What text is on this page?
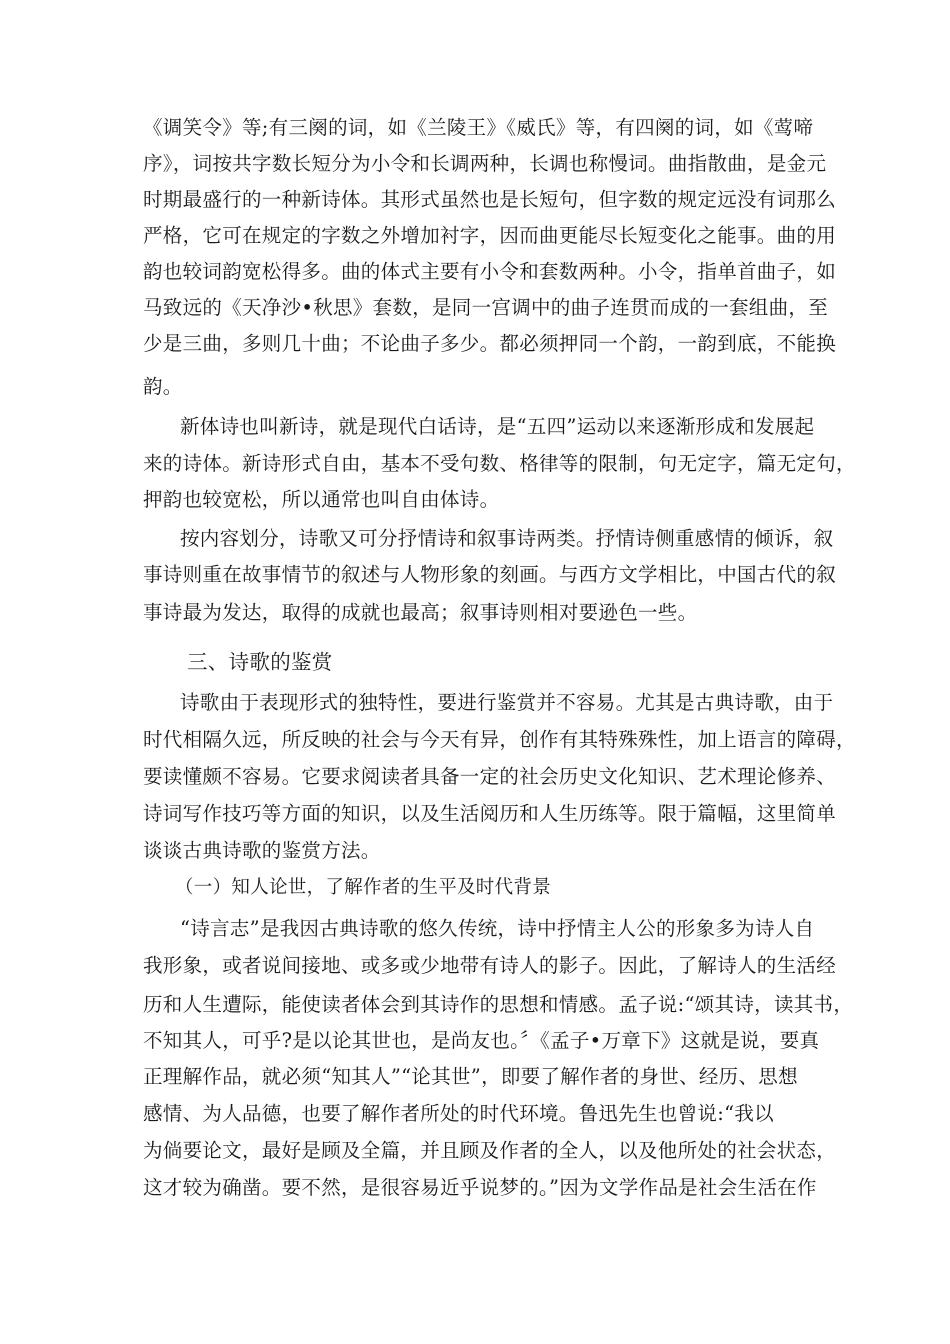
《调笑令》等;有三阕的词，如《兰陵王》《威氏》等，有四阕的词，如《莺啼
序》，词按共字数长短分为小令和长调两种，长调也称慢词。曲指散曲，是金元
时期最盛行的一种新诗体。其形式虽然也是长短句，但字数的规定远没有词那么
严格，它可在规定的字数之外增加衬字，因而曲更能尽长短变化之能事。曲的用
韵也较词韵宽松得多。曲的体式主要有小令和套数两种。小令，指单首曲子，如
马致远的《天净沙•秋思》套数，是同一宫调中的曲子连贯而成的一套组曲，至
少是三曲，多则几十曲；不论曲子多少。都必须押同一个韵，一韵到底，不能换
韵。
新体诗也叫新诗，就是现代白话诗，是“五四”运动以来逐渐形成和发展起
来的诗体。新诗形式自由，基本不受句数、格律等的限制，句无定字，篇无定句，
押韵也较宽松，所以通常也叫自由体诗。
按内容划分，诗歌又可分抒情诗和叙事诗两类。抒情诗侧重感情的倾诉，叙
事诗则重在故事情节的叙述与人物形象的刻画。与西方文学相比，中国古代的叙
事诗最为发达，取得的成就也最高；叙事诗则相对要逊色一些。
三、诗歌的鉴赏
诗歌由于表现形式的独特性，要进行鉴赏并不容易。尤其是古典诗歌，由于
时代相隔久远，所反映的社会与今天有异，创作有其特殊殊性，加上语言的障碍，
要读懂颇不容易。它要求阅读者具备一定的社会历史文化知识、艺术理论修养、
诗词写作技巧等方面的知识，以及生活阅历和人生历练等。限于篇幅，这里简单
谈谈古典诗歌的鉴赏方法。
（一）知人论世，了解作者的生平及时代背景
“诗言志”是我因古典诗歌的悠久传统，诗中抒情主人公的形象多为诗人自
我形象，或者说间接地、或多或少地带有诗人的影子。因此，了解诗人的生活经
历和人生遭际，能使读者体会到其诗作的思想和情感。孟子说:“颂其诗，读其书，
不知其人，可乎?是以论其世也，是尚友也。〞《孟子•万章下》这就是说，要真
正理解作品，就必须“知其人”“论其世”，即要了解作者的身世、经历、思想
感情、为人品德，也要了解作者所处的时代环境。鲁迅先生也曾说:“我以
为倘要论文，最好是顾及全篇，并且顾及作者的全人，以及他所处的社会状态，
这才较为确凿。要不然，是很容易近乎说梦的。”因为文学作品是社会生活在作
